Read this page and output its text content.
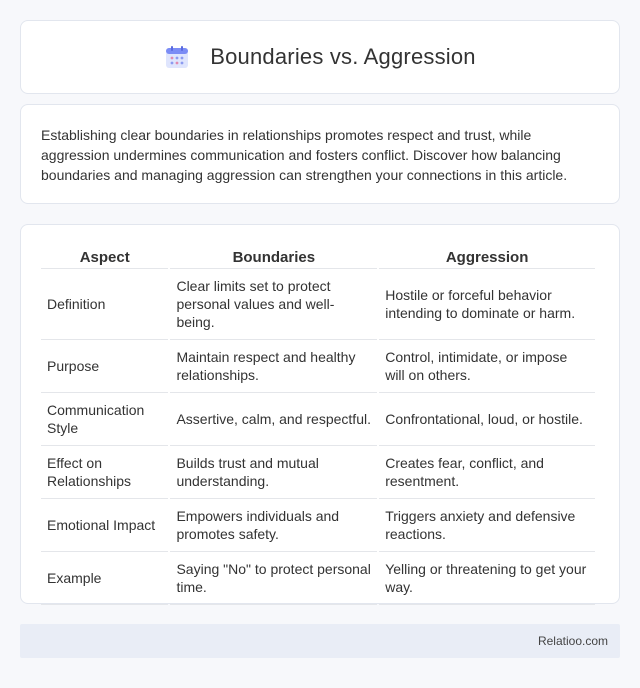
Boundaries vs. Aggression

Establishing clear boundaries in relationships promotes respect and trust, while aggression undermines communication and fosters conflict. Discover how balancing boundaries and managing aggression can strengthen your connections in this article.

Aspect	Boundaries	Aggression
Definition	Clear limits set to protect personal values and well-being.	Hostile or forceful behavior intending to dominate or harm.
Purpose	Maintain respect and healthy relationships.	Control, intimidate, or impose will on others.
Communication Style	Assertive, calm, and respectful.	Confrontational, loud, or hostile.
Effect on Relationships	Builds trust and mutual understanding.	Creates fear, conflict, and resentment.
Emotional Impact	Empowers individuals and promotes safety.	Triggers anxiety and defensive reactions.
Example	Saying "No" to protect personal time.	Yelling or threatening to get your way.
Relatioo.com
